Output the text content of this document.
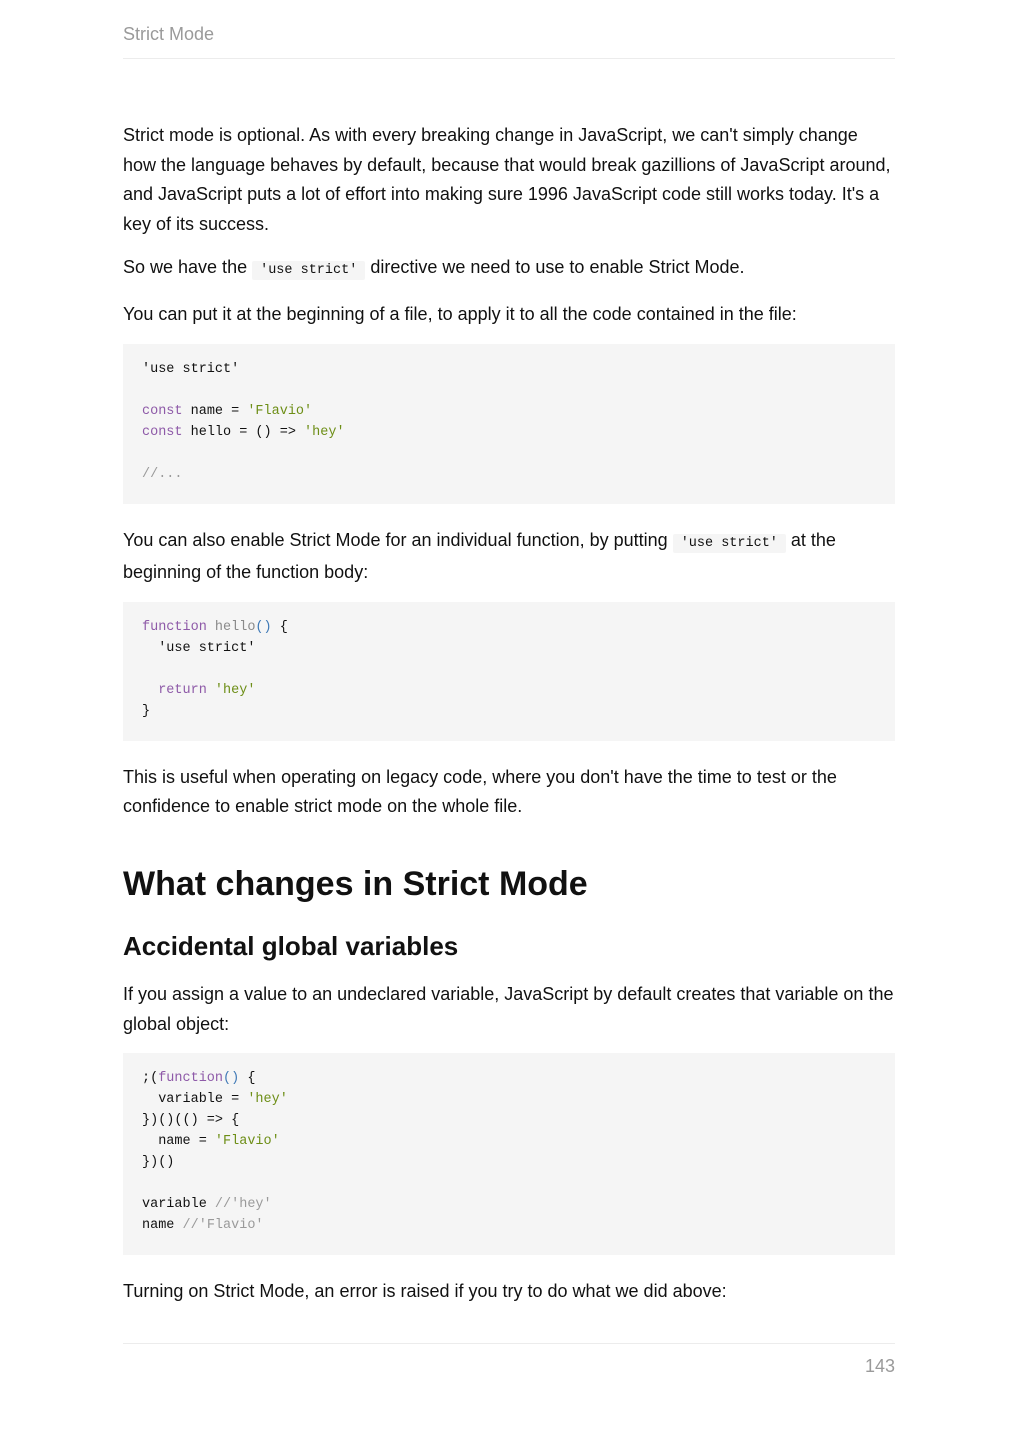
Strict Mode

Strict mode is optional. As with every breaking change in JavaScript, we can't simply change how the language behaves by default, because that would break gazillions of JavaScript around, and JavaScript puts a lot of effort into making sure 1996 JavaScript code still works today. It's a key of its success.

So we have the 'use strict' directive we need to use to enable Strict Mode.

You can put it at the beginning of a file, to apply it to all the code contained in the file:

'use strict'

const name = 'Flavio'
const hello = () => 'hey'

//...

You can also enable Strict Mode for an individual function, by putting 'use strict' at the beginning of the function body:

function hello() {
'use strict'

return 'hey'
}

This is useful when operating on legacy code, where you don't have the time to test or the confidence to enable strict mode on the whole file.

What changes in Strict Mode
Accidental global variables

If you assign a value to an undeclared variable, JavaScript by default creates that variable on the global object:

;(function() {
variable = 'hey'
})()(() => {
name = 'Flavio'
})()

variable //'hey'
name //'Flavio'

Turning on Strict Mode, an error is raised if you try to do what we did above:

143
